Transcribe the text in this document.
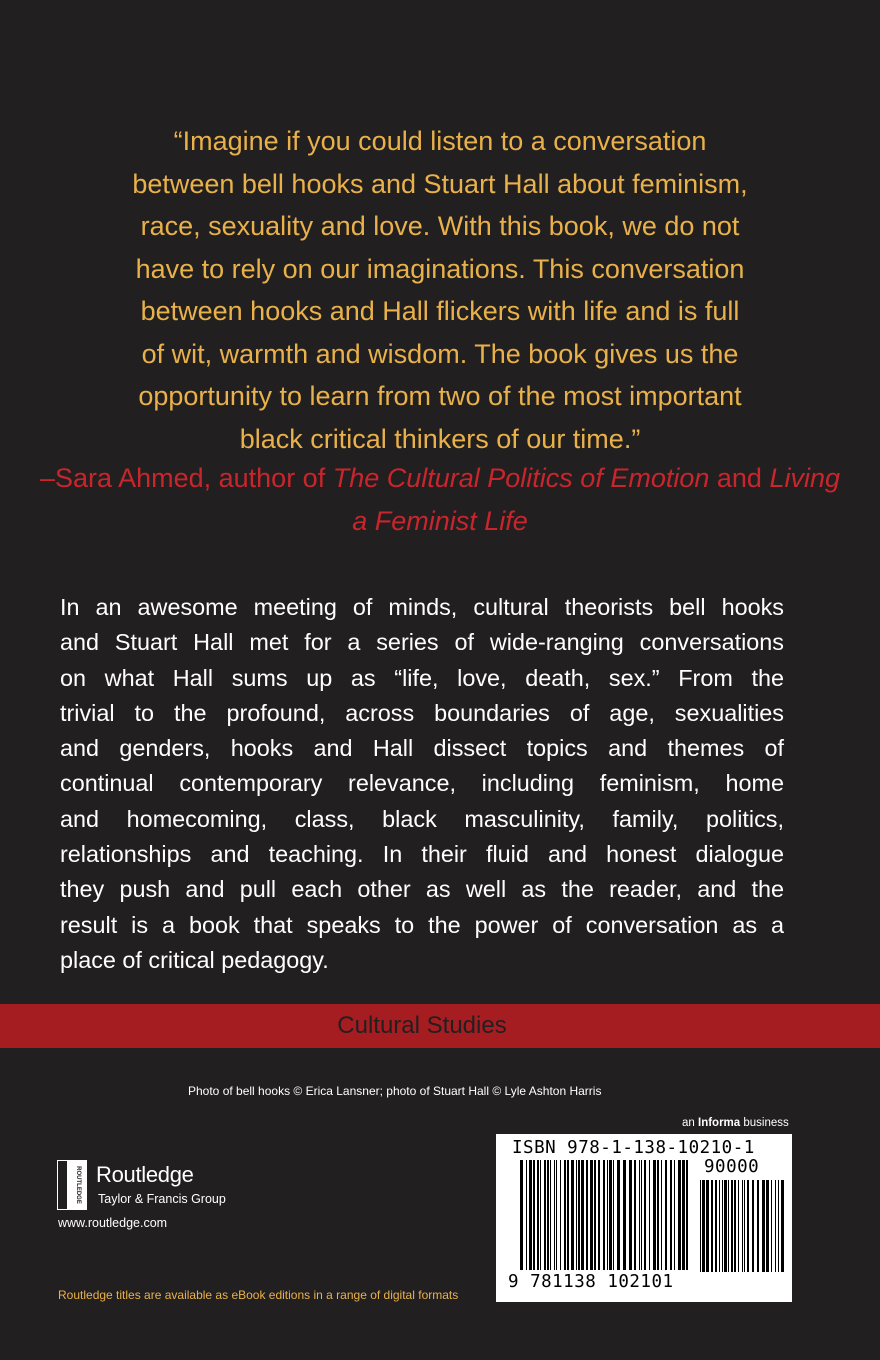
“Imagine if you could listen to a conversation
between bell hooks and Stuart Hall about feminism,
race, sexuality and love. With this book, we do not
have to rely on our imaginations. This conversation
between hooks and Hall flickers with life and is full
of wit, warmth and wisdom. The book gives us the
opportunity to learn from two of the most important
black critical thinkers of our time.”
–Sara Ahmed, author of The Cultural Politics of Emotion and Living a Feminist Life
In an awesome meeting of minds, cultural theorists bell hooks
and Stuart Hall met for a series of wide-ranging conversations
on what Hall sums up as “life, love, death, sex.” From the
trivial to the profound, across boundaries of age, sexualities
and genders, hooks and Hall dissect topics and themes of
continual contemporary relevance, including feminism, home
and homecoming, class, black masculinity, family, politics,
relationships and teaching. In their fluid and honest dialogue
they push and pull each other as well as the reader, and the
result is a book that speaks to the power of conversation as a
place of critical pedagogy.
Cultural Studies
Photo of bell hooks © Erica Lansner; photo of Stuart Hall © Lyle Ashton Harris
an Informa business
ISBN 978-1-138-10210-1
90000
9 781138 102101
ROUTLEDGE Routledge
Taylor & Francis Group
www.routledge.com
Routledge titles are available as eBook editions in a range of digital formats
